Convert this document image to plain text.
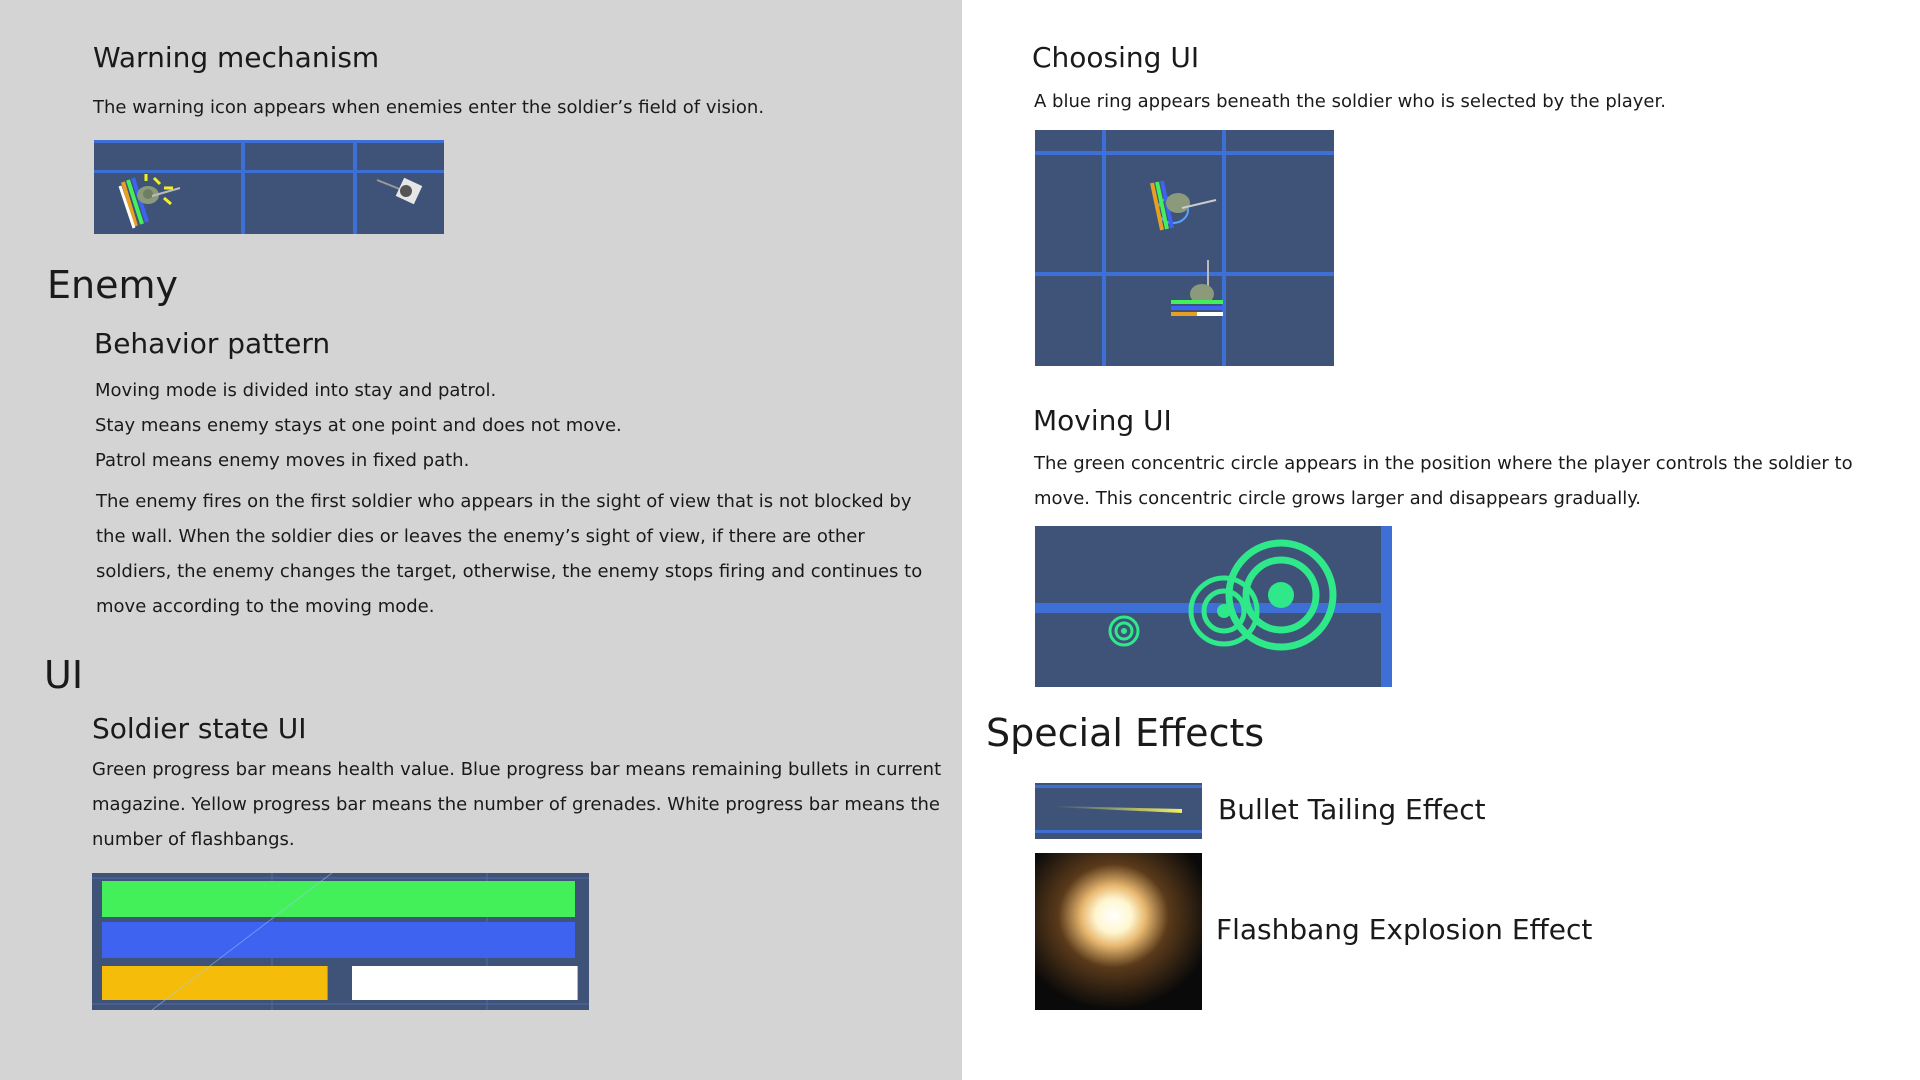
Warning mechanism
The warning icon appears when enemies enter the soldier’s field of vision.
Enemy
Behavior pattern
Moving mode is divided into stay and patrol.
Stay means enemy stays at one point and does not move.
Patrol means enemy moves in fixed path.
The enemy fires on the first soldier who appears in the sight of view that is not blocked by the wall. When the soldier dies or leaves the enemy’s sight of view, if there are other soldiers, the enemy changes the target, otherwise, the enemy stops firing and continues to move according to the moving mode.
UI
Soldier state UI
Green progress bar means health value. Blue progress bar means remaining bullets in current magazine. Yellow progress bar means the number of grenades. White progress bar means the number of flashbangs.
Choosing UI
A blue ring appears beneath the soldier who is selected by the player.
Moving UI
The green concentric circle appears in the position where the player controls the soldier to move. This concentric circle grows larger and disappears gradually.
Special Effects
Bullet Tailing Effect
Flashbang Explosion Effect
